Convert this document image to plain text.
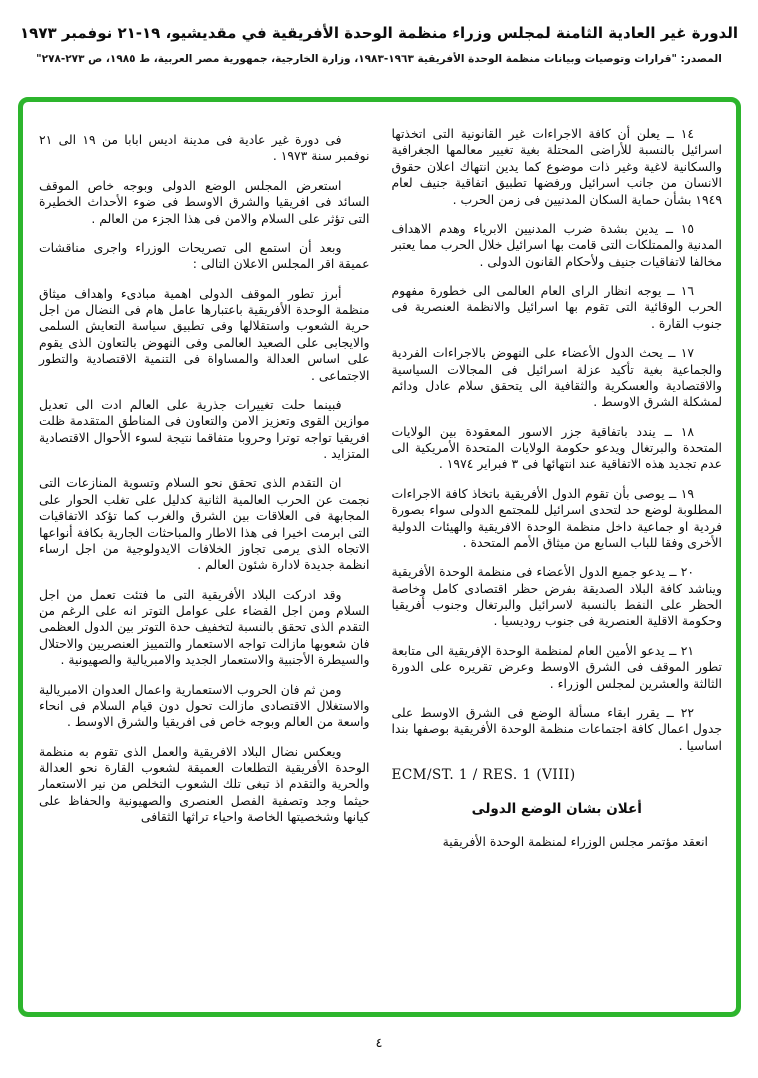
الدورة غير العادية الثامنة لمجلس وزراء منظمة الوحدة الأفريقية في مقديشيو، ١٩-٢١ نوفمبر ١٩٧٣
المصدر: "قرارات وتوصيات وبيانات منظمة الوحدة الأفريقية ١٩٦٣-١٩٨٣، وزارة الخارجية، جمهورية مصر العربية، ط ١٩٨٥، ص ٢٧٣-٢٧٨"

١٤ ــ يعلن أن كافة الاجراءات غير القانونية التى اتخذتها اسرائيل بالنسبة للأراضى المحتلة بغية تغيير معالمها الجغرافية والسكانية لاغية وغير ذات موضوع كما يدين انتهاك اعلان حقوق الانسان من جانب اسرائيل ورفضها تطبيق اتفاقية جنيف لعام ١٩٤٩ بشأن حماية السكان المدنيين فى زمن الحرب .

١٥ ــ يدين بشدة ضرب المدنيين الابرياء وهدم الاهداف المدنية والممتلكات التى قامت بها اسرائيل خلال الحرب مما يعتبر مخالفا لاتفاقيات جنيف ولأحكام القانون الدولى .

١٦ ــ يوجه انظار الراى العام العالمى الى خطورة مفهوم الحرب الوقائية التى تقوم بها اسرائيل والانظمة العنصرية فى جنوب القارة .

١٧ ــ يحث الدول الأعضاء على النهوض بالاجراءات الفردية والجماعية بغية تأكيد عزلة اسرائيل فى المجالات السياسية والاقتصادية والعسكرية والثقافية الى يتحقق سلام عادل ودائم لمشكلة الشرق الاوسط .

١٨ ــ يندد باتفاقية جزر الاسور المعقودة بين الولايات المتحدة والبرتغال ويدعو حكومة الولايات المتحدة الأمريكية الى عدم تجديد هذه الاتفاقية عند انتهائها فى ٣ فبراير ١٩٧٤ .

١٩ ــ يوصى بأن تقوم الدول الأفريقية باتخاذ كافة الاجراءات المطلوبة لوضع حد لتحدى اسرائيل للمجتمع الدولى سواء بصورة فردية او جماعية داخل منظمة الوحدة الافريقية والهيئات الدولية الأخرى وفقا للباب السابع من ميثاق الأمم المتحدة .

٢٠ ــ يدعو جميع الدول الأعضاء فى منظمة الوحدة الأفريقية ويناشد كافة البلاد الصديقة بفرض حظر اقتصادى كامل وخاصة الحظر على النفط بالنسبة لاسرائيل والبرتغال وجنوب أفريقيا وحكومة الاقلية العنصرية فى جنوب روديسيا .

٢١ ــ يدعو الأمين العام لمنظمة الوحدة الإفريقية الى متابعة تطور الموقف فى الشرق الاوسط وعرض تقريره على الدورة الثالثة والعشرين لمجلس الوزراء .

٢٢ ــ يقرر ابقاء مسألة الوضع فى الشرق الاوسط على جدول اعمال كافة اجتماعات منظمة الوحدة الأفريقية بوصفها بندا اساسيا .

ECM/ST. 1 / RES. 1 (VIII)

أعلان بشان الوضع الدولى

انعقد مؤتمر مجلس الوزراء لمنظمة الوحدة الأفريقية

فى دورة غير عادية فى مدينة اديس ابابا من ١٩ الى ٢١ نوفمبر سنة ١٩٧٣ .

استعرض المجلس الوضع الدولى وبوجه خاص الموقف السائد فى افريقيا والشرق الاوسط فى ضوء الأحداث الخطيرة التى تؤثر على السلام والامن فى هذا الجزء من العالم .

وبعد أن استمع الى تصريحات الوزراء واجرى مناقشات عميقة اقر المجلس الاعلان التالى :

أبرز تطور الموقف الدولى اهمية مبادىء واهداف ميثاق منظمة الوحدة الأفريقية باعتبارها عامل هام فى النضال من اجل حرية الشعوب واستقلالها وفى تطبيق سياسة التعايش السلمى والايجابى على الصعيد العالمى وفى النهوض بالتعاون الذى يقوم على اساس العدالة والمساواة فى التنمية الاقتصادية والتطور الاجتماعى .

فبينما حلت تغييرات جذرية على العالم ادت الى تعديل موازين القوى وتعزيز الامن والتعاون فى المناطق المتقدمة ظلت افريقيا تواجه توترا وحروبا متفاقما نتيجة لسوء الأحوال الاقتصادية المتزايد .

ان التقدم الذى تحقق نحو السلام وتسوية المنازعات التى نجمت عن الحرب العالمية الثانية كدليل على تغلب الحوار على المجابهة فى العلاقات بين الشرق والغرب كما تؤكد الاتفاقيات التى ابرمت اخيرا فى هذا الاطار والمباحثات الجارية بكافة أنواعها الاتجاه الذى يرمى تجاوز الخلافات الايدولوجية من اجل ارساء انظمة جديدة لادارة شئون العالم .

وقد ادركت البلاد الأفريقية التى ما فتئت تعمل من اجل السلام ومن اجل القضاء على عوامل التوتر انه على الرغم من التقدم الذى تحقق بالنسبة لتخفيف حدة التوتر بين الدول العظمى فان شعوبها مازالت تواجه الاستعمار والتمييز العنصريين والاحتلال والسيطرة الأجنبية والاستعمار الجديد والامبريالية والصهيونية .

ومن ثم فان الحروب الاستعمارية واعمال العدوان الامبريالية والاستغلال الاقتصادى مازالت تحول دون قيام السلام فى انحاء واسعة من العالم وبوجه خاص فى افريقيا والشرق الاوسط .

ويعكس نضال البلاد الافريقية والعمل الذى تقوم به منظمة الوحدة الأفريقية التطلعات العميقة لشعوب القارة نحو العدالة والحرية والتقدم اذ تبغى تلك الشعوب التخلص من نير الاستعمار حيثما وجد وتصفية الفصل العنصرى والصهيونية والحفاظ على كيانها وشخصيتها الخاصة واحياء تراثها الثقافى

٤
